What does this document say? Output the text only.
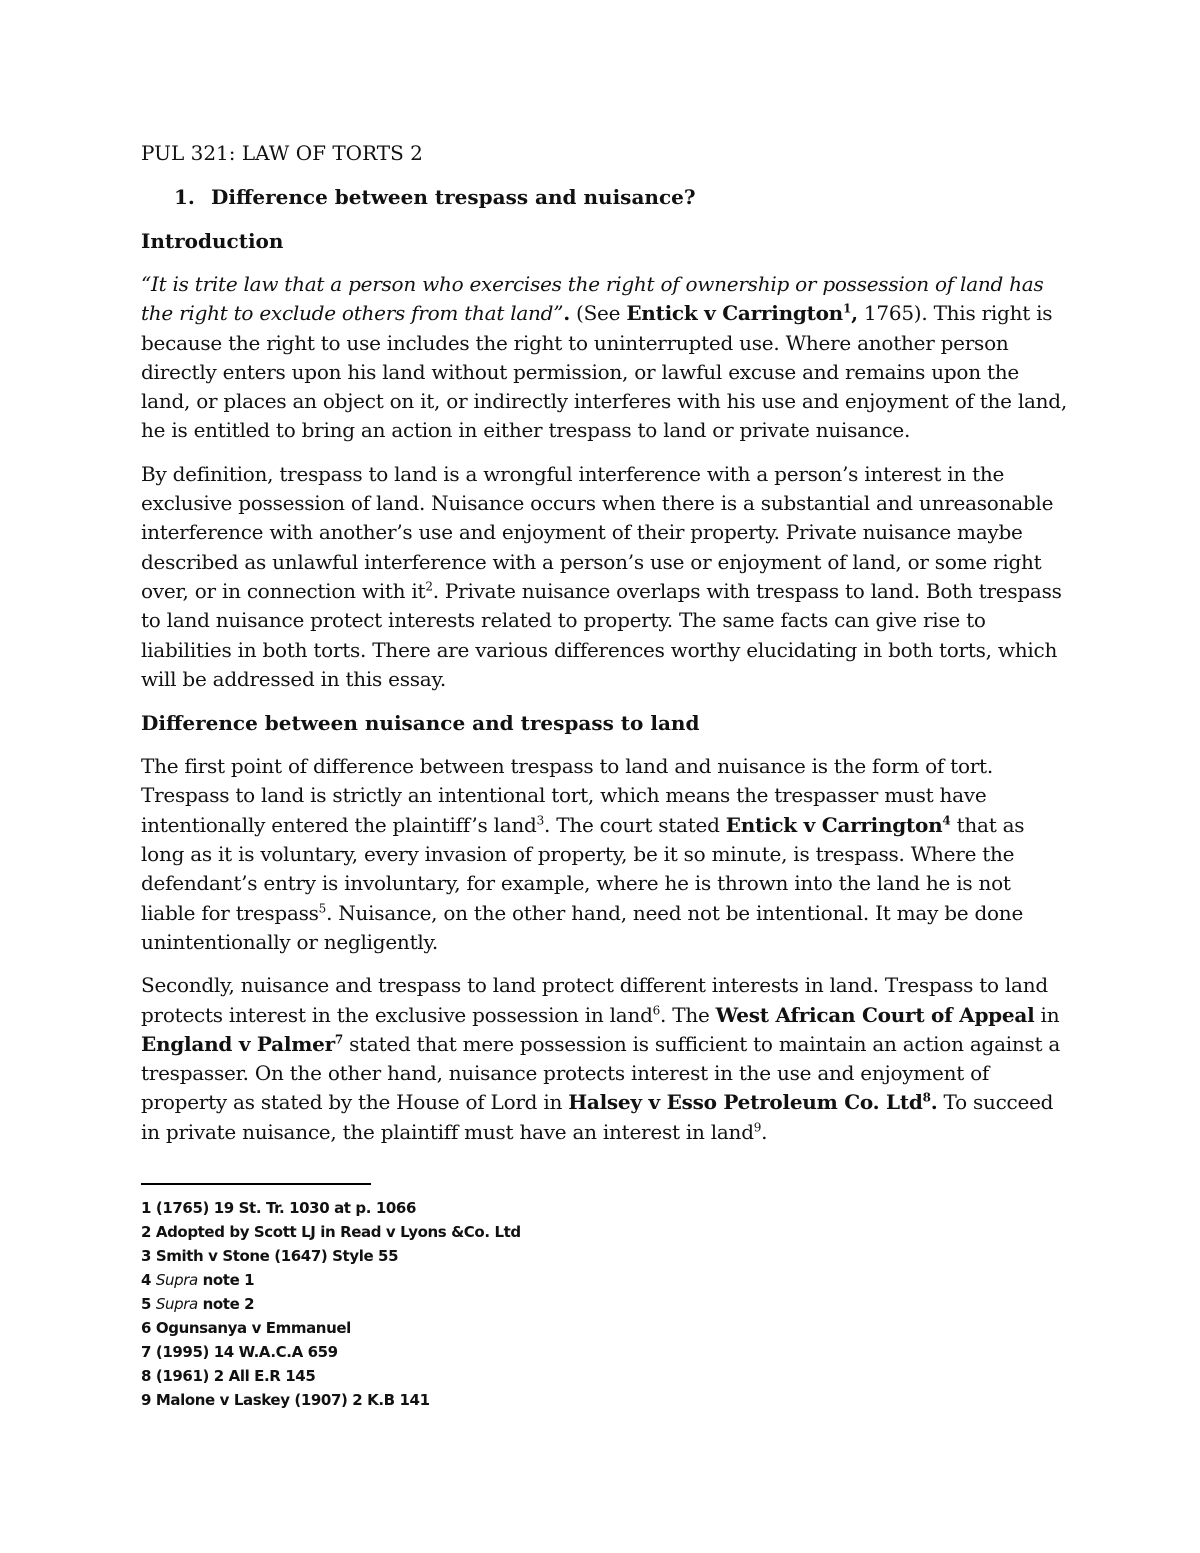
PUL 321: LAW OF TORTS 2
1. Difference between trespass and nuisance?
Introduction
“It is trite law that a person who exercises the right of ownership or possession of land has the right to exclude others from that land”. (See Entick v Carrington$^1$, 1765). This right is because the right to use includes the right to uninterrupted use. Where another person directly enters upon his land without permission, or lawful excuse and remains upon the land, or places an object on it, or indirectly interferes with his use and enjoyment of the land, he is entitled to bring an action in either trespass to land or private nuisance.
By definition, trespass to land is a wrongful interference with a person’s interest in the exclusive possession of land. Nuisance occurs when there is a substantial and unreasonable interference with another’s use and enjoyment of their property. Private nuisance maybe described as unlawful interference with a person’s use or enjoyment of land, or some right over, or in connection with $it^2$. Private nuisance overlaps with trespass to land. Both trespass to land nuisance protect interests related to property. The same facts can give rise to liabilities in both torts. There are various differences worthy elucidating in both torts, which will be addressed in this essay.
Difference between nuisance and trespass to land
The first point of difference between trespass to land and nuisance is the form of tort. Trespass to land is strictly an intentional tort, which means the trespasser must have intentionally entered the plaintiff’s land$^3$. The court stated Entick v Carrington$^4$ that as long as it is voluntary, every invasion of property, be it so minute, is trespass. Where the defendant’s entry is involuntary, for example, where he is thrown into the land he is not liable for trespass$^5$. Nuisance, on the other hand, need not be intentional. It may be done unintentionally or negligently.
Secondly, nuisance and trespass to land protect different interests in land. Trespass to land protects interest in the exclusive possession in land$^6$. The West African Court of Appeal in England v Palmer$^7$ stated that mere possession is sufficient to maintain an action against a trespasser. On the other hand, nuisance protects interest in the use and enjoyment of property as stated by the House of Lord in Halsey v Esso Petroleum Co. Ltd$^8$. To succeed in private nuisance, the plaintiff must have an interest in land$^9$.
1 (1765) 19 St. Tr. 1030 at p. 1066
2 Adopted by Scott LJ in Read v Lyons &Co. Ltd
3 Smith v Stone (1647) Style 55
4 Supra note 1
5 Supra note 2
6 Ogunsanya v Emmanuel
7 (1995) 14 W.A.C.A 659
8 (1961) 2 All E.R 145
9 Malone v Laskey (1907) 2 K.B 141
